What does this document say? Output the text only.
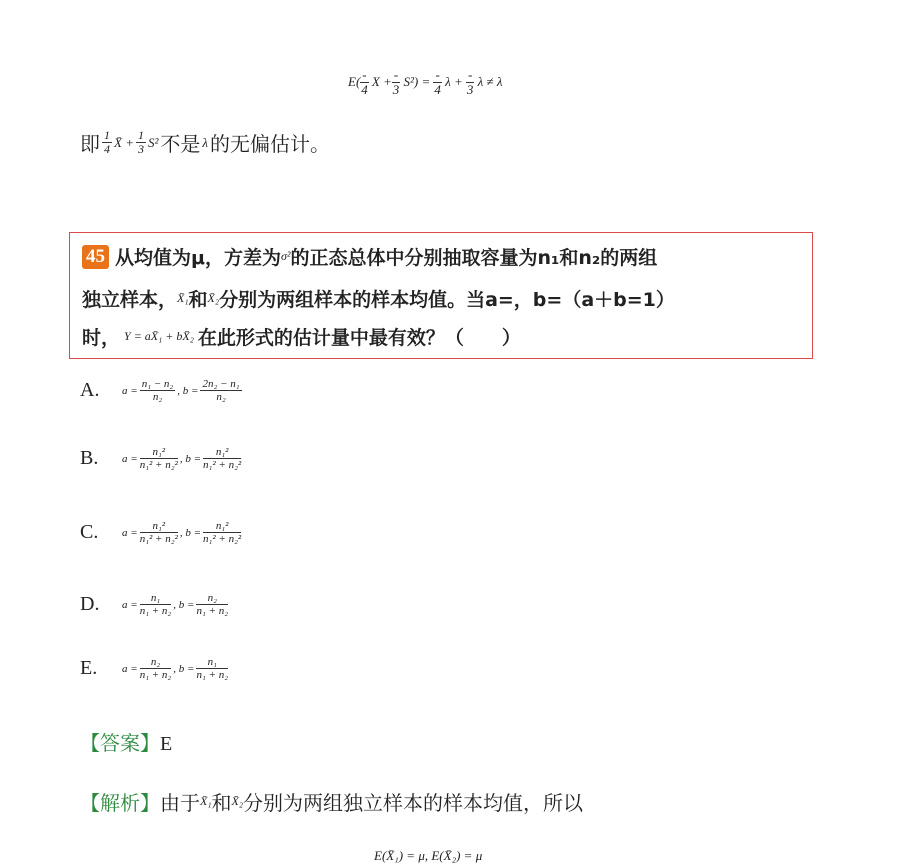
$E( \frac{-}{4}$ $X + \frac{-}{3} S^2) = \frac{-}{4}$ $\lambda + \frac{-}{3}$ λ ≠ λ
即 $\frac{1}{4}$ X̄ + $\frac{1}{3} S^2$ 不是 λ 的无偏估计。
45 从均值为μ，方差为 σ² 的正态总体中分别抽取容量为n₁和n₂的两组
独立样本， X̄₁ 和 X̄₂ 分别为两组样本的样本均值。当a=，b=（a＋b=1）
时， Y = aX̄₁ + bX̄₂ 在此形式的估计量中最有效？（　　）
A.	$a = \frac{\text{n₁ − n₂}}{\text{n₂}}$ , $b = \frac{\text{2n₂ − n₁}}{\text{n₂}}$
B.	$a = \frac{\text{n₁²}}{\text{n₁² + n₂²}}$ , $b = \frac{\text{n₁²}}{\text{n₁² + n₂²}}$
C.	$a = \frac{\text{n₁²}}{\text{n₁² + n₂²}}$ , $b = \frac{\text{n₁²}}{\text{n₁² + n₂²}}$
D.	$a = \frac{\text{n₁}}{\text{n₁ + n₂}}$ , $b = \frac{\text{n₂}}{\text{n₁ + n₂}}$
E.	$a = \frac{\text{n₂}}{\text{n₁ + n₂}}$ , $b = \frac{\text{n₁}}{\text{n₁ + n₂}}$
【答案】E
【解析】 由于 X̄₁ 和 X̄₂ 分别为两组独立样本的样本均值，所以
E(X̄₁) = μ, E(X̄₂) = μ
